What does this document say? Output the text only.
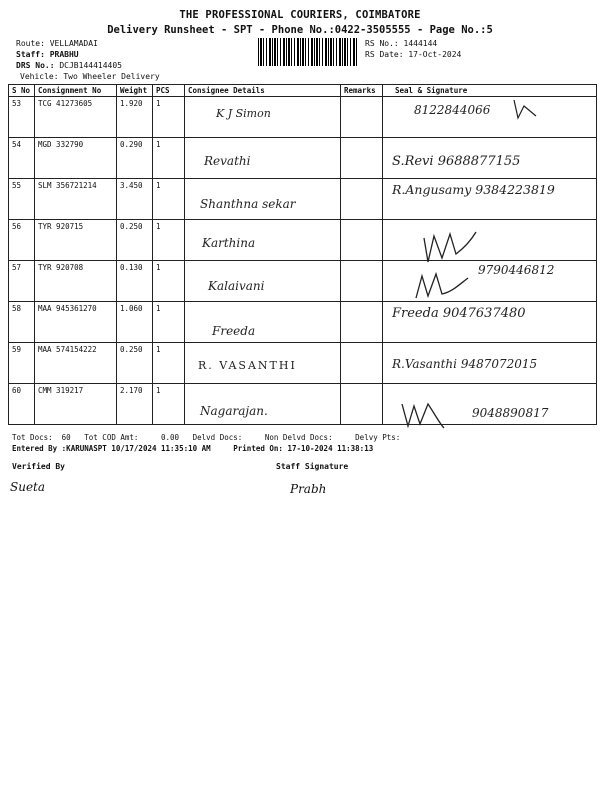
THE PROFESSIONAL COURIERS, COIMBATORE
Delivery Runsheet - SPT - Phone No.:0422-3505555 - Page No.:5
Route: VELLAMADAI
Staff: PRABHU
DRS No.: DCJB144414405
Vehicle: Two Wheeler Delivery
RS No.: 1444144
RS Date: 17-Oct-2024
S No	Consignment No	Weight	PCS	Consignee Details	Remarks	Seal & Signature
53	TCG 41273605	1.920	1	K J Simon		8122844066
54	MGD 332790	0.290	1	Revathi		S.Revi 9688877155
55	SLM 356721214	3.450	1	Shanthna sekar		R.Angusamy 9384223819
56	TYR 920715	0.250	1	Karthina		
57	TYR 920708	0.130	1	Kalaivani		9790446812
58	MAA 945361270	1.060	1	Freeda		Freeda 9047637480
59	MAA 574154222	0.250	1	R. VASANTHI		R.Vasanthi 9487072015
60	CMM 319217	2.170	1	Nagarajan.		9048890817
Tot Docs:  60   Tot COD Amt:     0.00   Delvd Docs:     Non Delvd Docs:     Delvy Pts:
Entered By :KARUNASPT 10/17/2024 11:35:10 AM     Printed On: 17-10-2024 11:38:13
Verified By	Staff Signature
Sueta	Prabh
